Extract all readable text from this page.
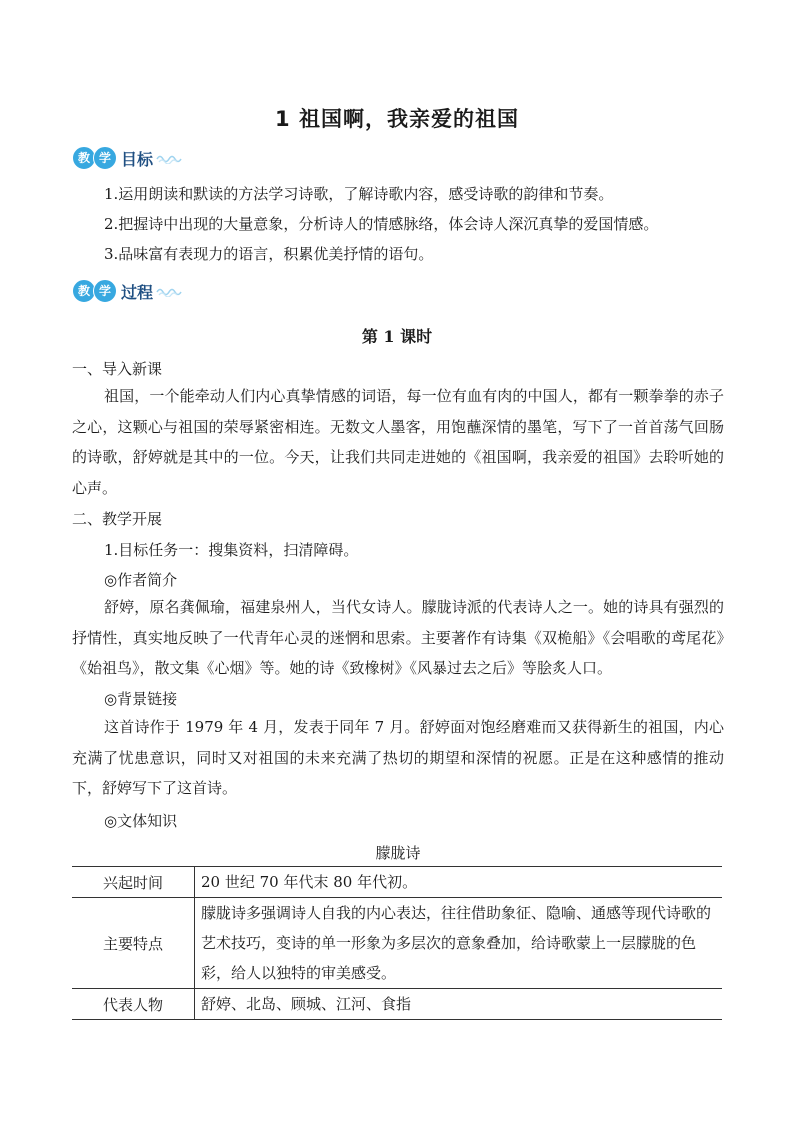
1 祖国啊，我亲爱的祖国
教 学 目标
1.运用朗读和默读的方法学习诗歌，了解诗歌内容，感受诗歌的韵律和节奏。
2.把握诗中出现的大量意象，分析诗人的情感脉络，体会诗人深沉真挚的爱国情感。
3.品味富有表现力的语言，积累优美抒情的语句。
教 学 过程
第 1 课时
一、导入新课
祖国，一个能牵动人们内心真挚情感的词语，每一位有血有肉的中国人，都有一颗拳拳的赤子之心，这颗心与祖国的荣辱紧密相连。无数文人墨客，用饱蘸深情的墨笔，写下了一首首荡气回肠的诗歌，舒婷就是其中的一位。今天，让我们共同走进她的《祖国啊，我亲爱的祖国》去聆听她的心声。
二、教学开展
1.目标任务一：搜集资料，扫清障碍。
◎作者简介
舒婷，原名龚佩瑜，福建泉州人，当代女诗人。朦胧诗派的代表诗人之一。她的诗具有强烈的抒情性，真实地反映了一代青年心灵的迷惘和思索。主要著作有诗集《双桅船》《会唱歌的鸢尾花》《始祖鸟》，散文集《心烟》等。她的诗《致橡树》《风暴过去之后》等脍炙人口。
◎背景链接
这首诗作于 1979 年 4 月，发表于同年 7 月。舒婷面对饱经磨难而又获得新生的祖国，内心充满了忧患意识，同时又对祖国的未来充满了热切的期望和深情的祝愿。正是在这种感情的推动下，舒婷写下了这首诗。
◎文体知识
朦胧诗
兴起时间	20 世纪 70 年代末 80 年代初。
主要特点	朦胧诗多强调诗人自我的内心表达，往往借助象征、隐喻、通感等现代诗歌的艺术技巧，变诗的单一形象为多层次的意象叠加，给诗歌蒙上一层朦胧的色彩，给人以独特的审美感受。
代表人物	舒婷、北岛、顾城、江河、食指
